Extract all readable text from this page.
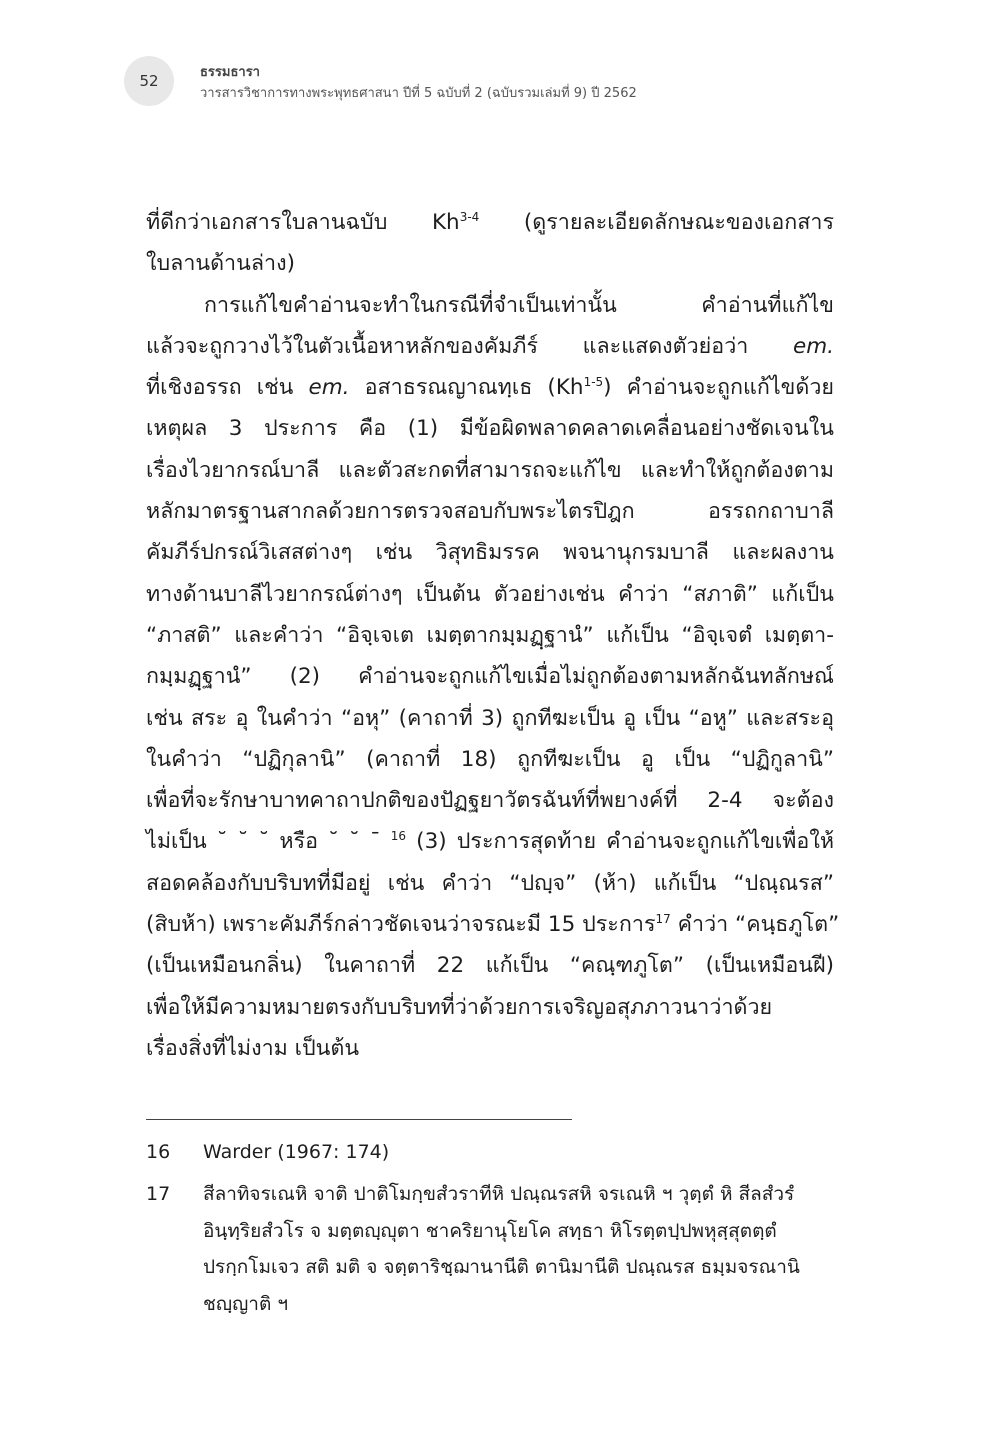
52	ธรรมธารา
วารสารวิชาการทางพระพุทธศาสนา ปีที่ 5 ฉบับที่ 2 (ฉบับรวมเล่มที่ 9) ปี 2562
ที่ดีกว่าเอกสารใบลานฉบับ Kh$^{3-4}$ (ดูรายละเอียดลักษณะของเอกสาร
ใบลานด้านล่าง)
การแก้ไขคำอ่านจะทำในกรณีที่จำเป็นเท่านั้น คำอ่านที่แก้ไข
แล้วจะถูกวางไว้ในตัวเนื้อหาหลักของคัมภีร์ และแสดงตัวย่อว่า em.
ที่เชิงอรรถ เช่น em. อสาธรณญาณทฺเธ (Kh$^{1-5}$) คำอ่านจะถูกแก้ไขด้วย
เหตุผล 3 ประการ คือ (1) มีข้อผิดพลาดคลาดเคลื่อนอย่างชัดเจนใน
เรื่องไวยากรณ์บาลี และตัวสะกดที่สามารถจะแก้ไข และทำให้ถูกต้องตาม
หลักมาตรฐานสากลด้วยการตรวจสอบกับพระไตรปิฎก อรรถกถาบาลี
คัมภีร์ปกรณ์วิเสสต่างๆ เช่น วิสุทธิมรรค พจนานุกรมบาลี และผลงาน
ทางด้านบาลีไวยากรณ์ต่างๆ เป็นต้น ตัวอย่างเช่น คำว่า “สภาติ” แก้เป็น
“ภาสติ” และคำว่า “อิจฺเจเต เมตฺตากมฺมฏฺฐานํ” แก้เป็น “อิจฺเจตํ เมตฺตา-
กมฺมฏฺฐานํ” (2) คำอ่านจะถูกแก้ไขเมื่อไม่ถูกต้องตามหลักฉันทลักษณ์
เช่น สระ อุ ในคำว่า “อหุ” (คาถาที่ 3) ถูกทีฆะเป็น อู เป็น “อหู” และสระอุ
ในคำว่า “ปฏิกุลานิ” (คาถาที่ 18) ถูกทีฆะเป็น อู เป็น “ปฏิกูลานิ”
เพื่อที่จะรักษาบาทคาถาปกติของปัฏฐยาวัตรฉันท์ที่พยางค์ที่ 2-4 จะต้อง
ไม่เป็น ˘ ˘ ˘ หรือ ˘ ˘ ¯ $^{16}$ (3) ประการสุดท้าย คำอ่านจะถูกแก้ไขเพื่อให้
สอดคล้องกับบริบทที่มีอยู่ เช่น คำว่า “ปญฺจ” (ห้า) แก้เป็น “ปณฺณรส”
(สิบห้า) เพราะคัมภีร์กล่าวชัดเจนว่าจรณะมี 15 ประการ$^{17}$ คำว่า “คนฺธภูโต”
(เป็นเหมือนกลิ่น) ในคาถาที่ 22 แก้เป็น “คณฺฑภูโต” (เป็นเหมือนฝี)
เพื่อให้มีความหมายตรงกับบริบทที่ว่าด้วยการเจริญอสุภภาวนาว่าด้วย
เรื่องสิ่งที่ไม่งาม เป็นต้น
16 Warder (1967: 174)
17 สีลาทิจรเณหิ จาติ ปาติโมกฺขสํวราทีหิ ปณฺณรสหิ จรเณหิ ฯ วุตฺตํ หิ สีลสํวรํ
อินฺทฺริยสํวโร จ มตฺตญฺญุตา ชาคริยานุโยโค สทฺธา หิโรตฺตปฺปพหุสฺสุตตฺตํ
ปรกฺกโมเจว สติ มติ จ จตฺตาริชฺฌานานีติ ตานิมานีติ ปณฺณรส ธมฺมจรณานิ
ชญฺญาติ ฯ
